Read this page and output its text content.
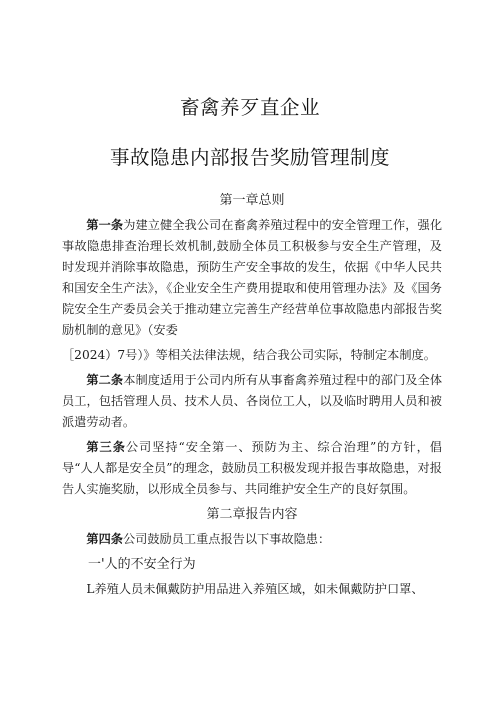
畜禽养歹直企业
事故隐患内部报告奖励管理制度

第一章总则

第一条为建立健全我公司在畜禽养殖过程中的安全管理工作，强化事故隐患排查治理长效机制,鼓励全体员工积极参与安全生产管理，及时发现并消除事故隐患，预防生产安全事故的发生，依据《中华人民共和国安全生产法》，《企业安全生产费用提取和使用管理办法》及《国务院安全生产委员会关于推动建立完善生产经营单位事故隐患内部报告奖励机制的意见》（安委

［2024）7号）》等相关法律法规，结合我公司实际，特制定本制度。

第二条本制度适用于公司内所有从事畜禽养殖过程中的部门及全体员工，包括管理人员、技术人员、各岗位工人，以及临时聘用人员和被派遣劳动者。

第三条公司坚持“安全第一、预防为主、综合治理”的方针，倡导“人人都是安全员”的理念，鼓励员工积极发现并报告事故隐患，对报告人实施奖励，以形成全员参与、共同维护安全生产的良好氛围。

第二章报告内容

第四条公司鼓励员工重点报告以下事故隐患：

一'人的不安全行为

L养殖人员未佩戴防护用品进入养殖区域，如未佩戴防护口罩、
